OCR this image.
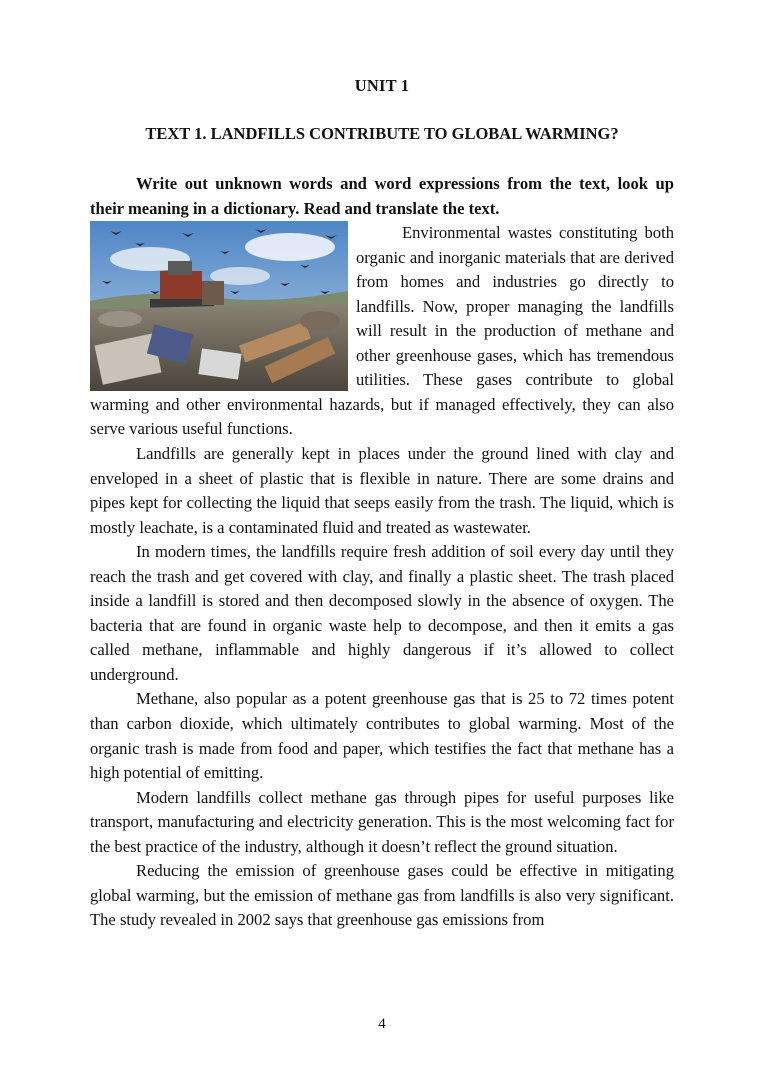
UNIT 1
TEXT 1. LANDFILLS CONTRIBUTE TO GLOBAL WARMING?

Write out unknown words and word expressions from the text, look up their meaning in a dictionary. Read and translate the text.

Environmental wastes constituting both organic and inorganic materials that are derived from homes and industries go directly to landfills. Now, proper managing the landfills will result in the production of methane and other greenhouse gases, which has tremendous utilities. These gases contribute to global warming and other environmental hazards, but if managed effectively, they can also serve various useful functions.

Landfills are generally kept in places under the ground lined with clay and enveloped in a sheet of plastic that is flexible in nature. There are some drains and pipes kept for collecting the liquid that seeps easily from the trash. The liquid, which is mostly leachate, is a contaminated fluid and treated as wastewater.

In modern times, the landfills require fresh addition of soil every day until they reach the trash and get covered with clay, and finally a plastic sheet. The trash placed inside a landfill is stored and then decomposed slowly in the absence of oxygen. The bacteria that are found in organic waste help to decompose, and then it emits a gas called methane, inflammable and highly dangerous if it’s allowed to collect underground.

Methane, also popular as a potent greenhouse gas that is 25 to 72 times potent than carbon dioxide, which ultimately contributes to global warming. Most of the organic trash is made from food and paper, which testifies the fact that methane has a high potential of emitting.

Modern landfills collect methane gas through pipes for useful purposes like transport, manufacturing and electricity generation. This is the most welcoming fact for the best practice of the industry, although it doesn’t reflect the ground situation.

Reducing the emission of greenhouse gases could be effective in mitigating global warming, but the emission of methane gas from landfills is also very significant. The study revealed in 2002 says that greenhouse gas emissions from

4
